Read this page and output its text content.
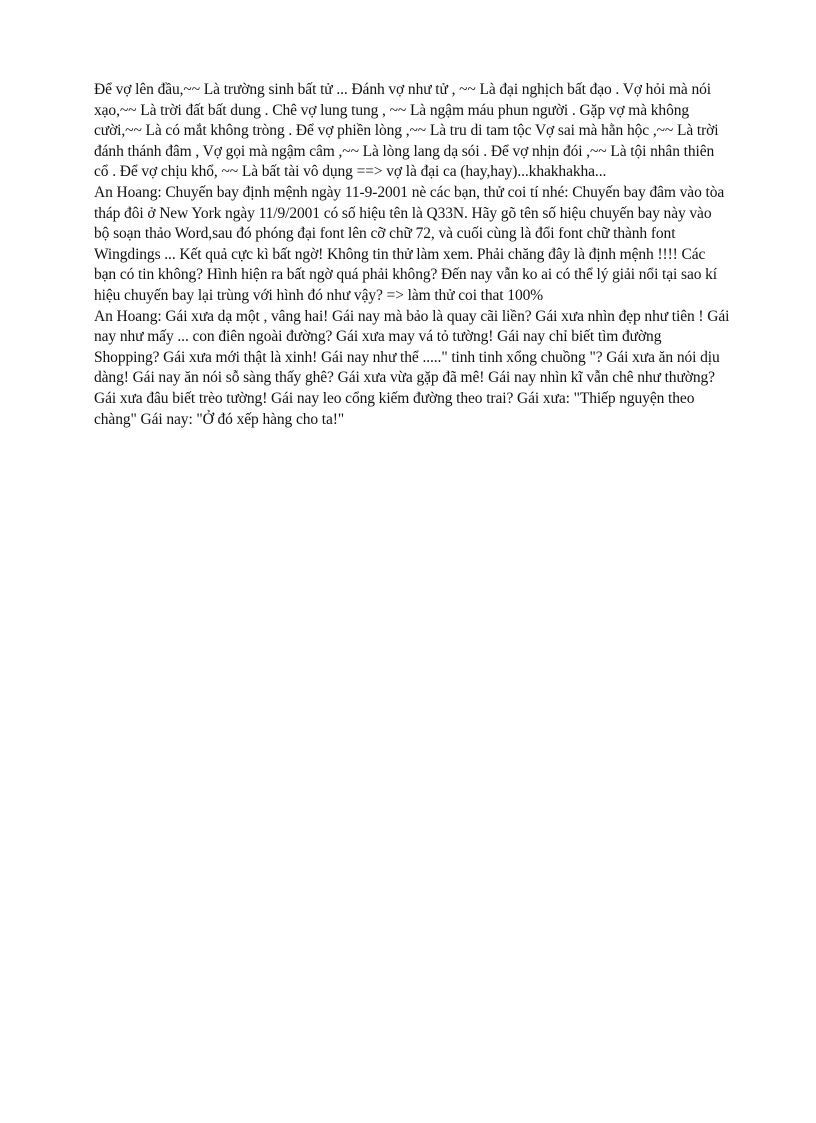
Để vợ lên đầu,~~ Là trường sinh bất tử ... Đánh vợ như tử , ~~ Là đại nghịch bất đạo . Vợ hỏi mà nói xạo,~~ Là trời đất bất dung . Chê vợ lung tung , ~~ Là ngậm máu phun người . Gặp vợ mà không cười,~~ Là có mắt không tròng . Để vợ phiền lòng ,~~ Là tru di tam tộc Vợ sai mà hằn hộc ,~~ Là trời đánh thánh đâm , Vợ gọi mà ngậm câm ,~~ Là lòng lang dạ sói . Để vợ nhịn đói ,~~ Là tội nhân thiên cổ . Để vợ chịu khổ, ~~ Là bất tài vô dụng ==> vợ là đại ca (hay,hay)...khakhakha...

An Hoang: Chuyến bay định mệnh ngày 11-9-2001 nè các bạn, thử coi tí nhé: Chuyến bay đâm vào tòa tháp đôi ở New York ngày 11/9/2001 có số hiệu tên là Q33N. Hãy gõ tên số hiệu chuyến bay này vào bộ soạn thảo Word,sau đó phóng đại font lên cỡ chữ 72, và cuối cùng là đổi font chữ thành font Wingdings ... Kết quả cực kì bất ngờ! Không tin thử làm xem. Phải chăng đây là định mệnh !!!! Các bạn có tin không? Hình hiện ra bất ngờ quá phải không? Đến nay vẫn ko ai có thể lý giải nổi tại sao kí hiệu chuyến bay lại trùng với hình đó như vậy? => làm thử coi that 100%

An Hoang: Gái xưa dạ một , vâng hai! Gái nay mà bảo là quay cãi liền? Gái xưa nhìn đẹp như tiên ! Gái nay như mấy ... con điên ngoài đường? Gái xưa may vá tỏ tường! Gái nay chỉ biết tìm đường Shopping? Gái xưa mới thật là xinh! Gái nay như thể ....." tinh tinh xổng chuồng "? Gái xưa ăn nói dịu dàng! Gái nay ăn nói sỗ sàng thấy ghê? Gái xưa vừa gặp đã mê! Gái nay nhìn kĩ vẫn chê như thường? Gái xưa đâu biết trèo tường! Gái nay leo cổng kiếm đường theo trai? Gái xưa: "Thiếp nguyện theo chàng" Gái nay: "Ở đó xếp hàng cho ta!"
